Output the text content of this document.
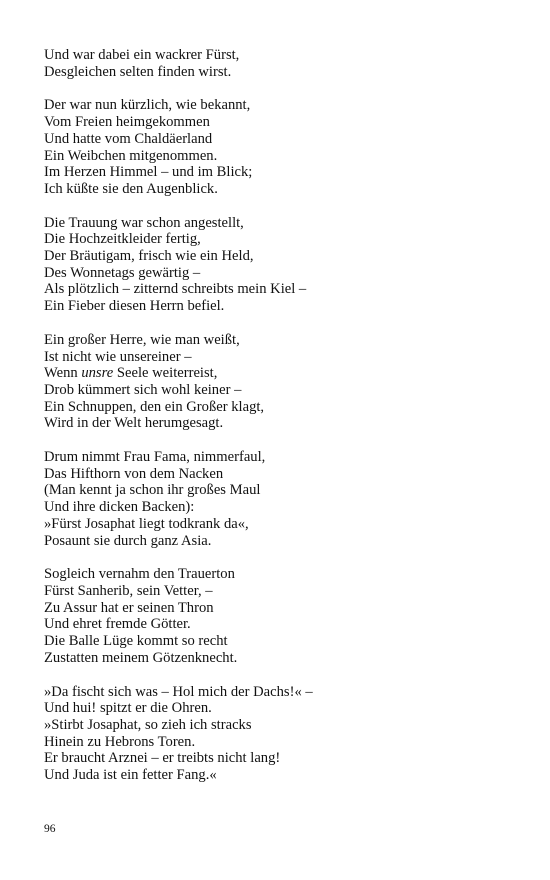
Und war dabei ein wackrer Fürst,
Desgleichen selten finden wirst.
Der war nun kürzlich, wie bekannt,
Vom Freien heimgekommen
Und hatte vom Chaldäerland
Ein Weibchen mitgenommen.
Im Herzen Himmel – und im Blick;
Ich küßte sie den Augenblick.
Die Trauung war schon angestellt,
Die Hochzeitkleider fertig,
Der Bräutigam, frisch wie ein Held,
Des Wonnetags gewärtig –
Als plötzlich – zitternd schreibts mein Kiel –
Ein Fieber diesen Herrn befiel.
Ein großer Herre, wie man weißt,
Ist nicht wie unsereiner –
Wenn unsre Seele weiterreist,
Drob kümmert sich wohl keiner –
Ein Schnuppen, den ein Großer klagt,
Wird in der Welt herumgesagt.
Drum nimmt Frau Fama, nimmerfaul,
Das Hifthorn von dem Nacken
(Man kennt ja schon ihr großes Maul
Und ihre dicken Backen):
»Fürst Josaphat liegt todkrank da«,
Posaunt sie durch ganz Asia.
Sogleich vernahm den Trauerton
Fürst Sanherib, sein Vetter, –
Zu Assur hat er seinen Thron
Und ehret fremde Götter.
Die Balle Lüge kommt so recht
Zustatten meinem Götzenknecht.
»Da fischt sich was – Hol mich der Dachs!« –
Und hui! spitzt er die Ohren.
»Stirbt Josaphat, so zieh ich stracks
Hinein zu Hebrons Toren.
Er braucht Arznei – er treibts nicht lang!
Und Juda ist ein fetter Fang.«
96
